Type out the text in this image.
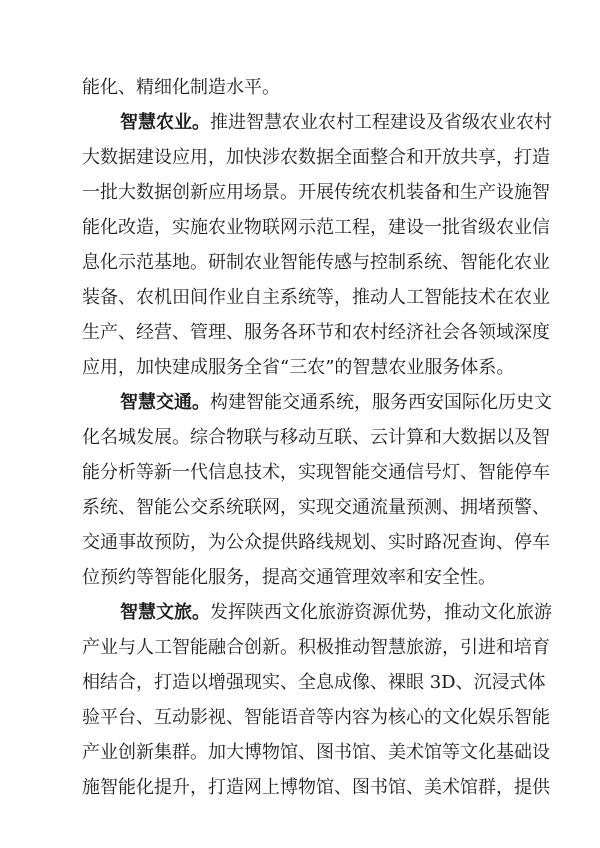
能化、精细化制造水平。
智慧农业。推进智慧农业农村工程建设及省级农业农村
大数据建设应用，加快涉农数据全面整合和开放共享，打造
一批大数据创新应用场景。开展传统农机装备和生产设施智
能化改造，实施农业物联网示范工程，建设一批省级农业信
息化示范基地。研制农业智能传感与控制系统、智能化农业
装备、农机田间作业自主系统等，推动人工智能技术在农业
生产、经营、管理、服务各环节和农村经济社会各领域深度
应用，加快建成服务全省“三农”的智慧农业服务体系。
智慧交通。构建智能交通系统，服务西安国际化历史文
化名城发展。综合物联与移动互联、云计算和大数据以及智
能分析等新一代信息技术，实现智能交通信号灯、智能停车
系统、智能公交系统联网，实现交通流量预测、拥堵预警、
交通事故预防，为公众提供路线规划、实时路况查询、停车
位预约等智能化服务，提高交通管理效率和安全性。
智慧文旅。发挥陕西文化旅游资源优势，推动文化旅游
产业与人工智能融合创新。积极推动智慧旅游，引进和培育
相结合，打造以增强现实、全息成像、裸眼 3D、沉浸式体
验平台、互动影视、智能语音等内容为核心的文化娱乐智能
产业创新集群。加大博物馆、图书馆、美术馆等文化基础设
施智能化提升，打造网上博物馆、图书馆、美术馆群，提供
